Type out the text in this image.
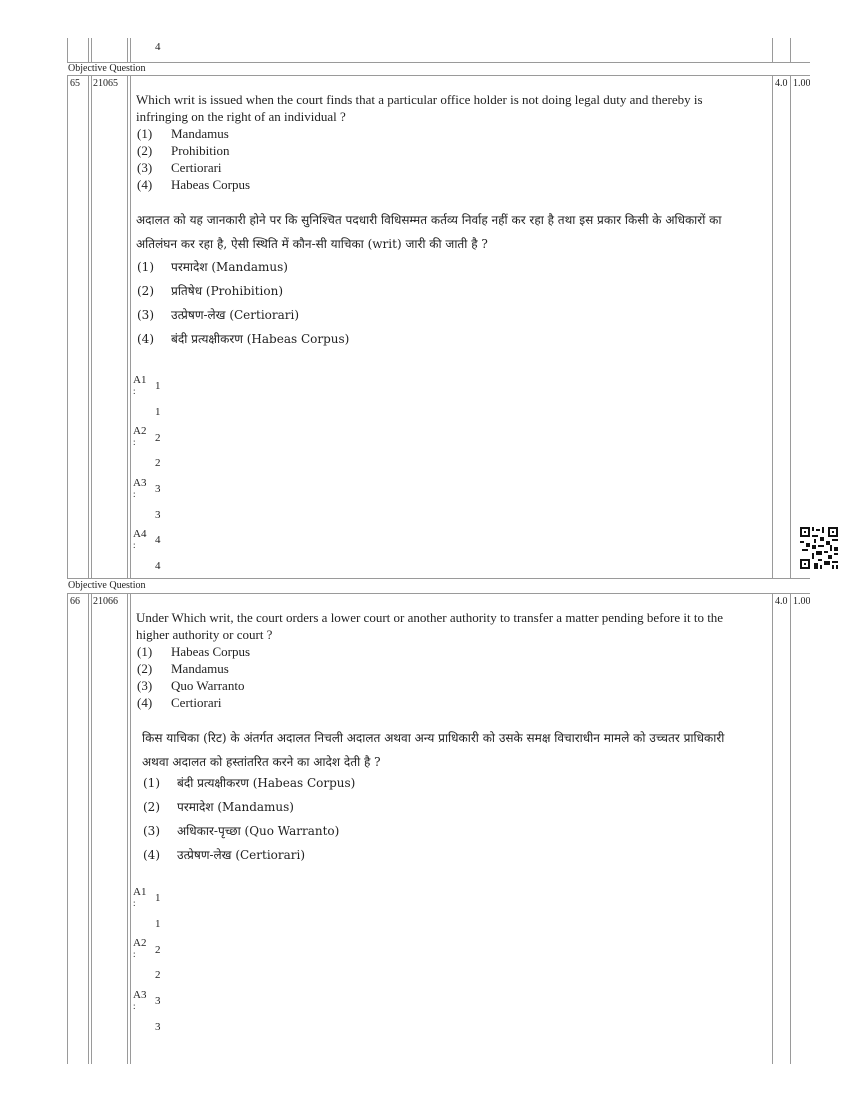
4
Objective Question
65 21065	4.0 1.00
Which writ is issued when the court finds that a particular office holder is not doing legal duty and thereby is infringing on the right of an individual ?
(1)	Mandamus
(2)	Prohibition
(3)	Certiorari
(4)	Habeas Corpus
अदालत को यह जानकारी होने पर कि सुनिश्चित पदधारी विधिसम्मत कर्तव्य निर्वाह नहीं कर रहा है तथा इस प्रकार किसी के अधिकारों का अतिलंघन कर रहा है, ऐसी स्थिति में कौन-सी याचिका (writ) जारी की जाती है ?
(1)	परमादेश (Mandamus)
(2)	प्रतिषेध (Prohibition)
(3)	उत्प्रेषण-लेख (Certiorari)
(4)	बंदी प्रत्यक्षीकरण (Habeas Corpus)
A1
: 1
1
A2
: 2
2
A3
: 3
3
A4
: 4
4
Objective Question
66 21066	4.0 1.00
Under Which writ, the court orders a lower court or another authority to transfer a matter pending before it to the higher authority or court ?
(1)	Habeas Corpus
(2)	Mandamus
(3)	Quo Warranto
(4)	Certiorari
किस याचिका (रिट) के अंतर्गत अदालत निचली अदालत अथवा अन्य प्राधिकारी को उसके समक्ष विचाराधीन मामले को उच्चतर प्राधिकारी अथवा अदालत को हस्तांतरित करने का आदेश देती है ?
(1)	बंदी प्रत्यक्षीकरण (Habeas Corpus)
(2)	परमादेश (Mandamus)
(3)	अधिकार-पृच्छा (Quo Warranto)
(4)	उत्प्रेषण-लेख (Certiorari)
A1
: 1
1
A2
: 2
2
A3
: 3
3
